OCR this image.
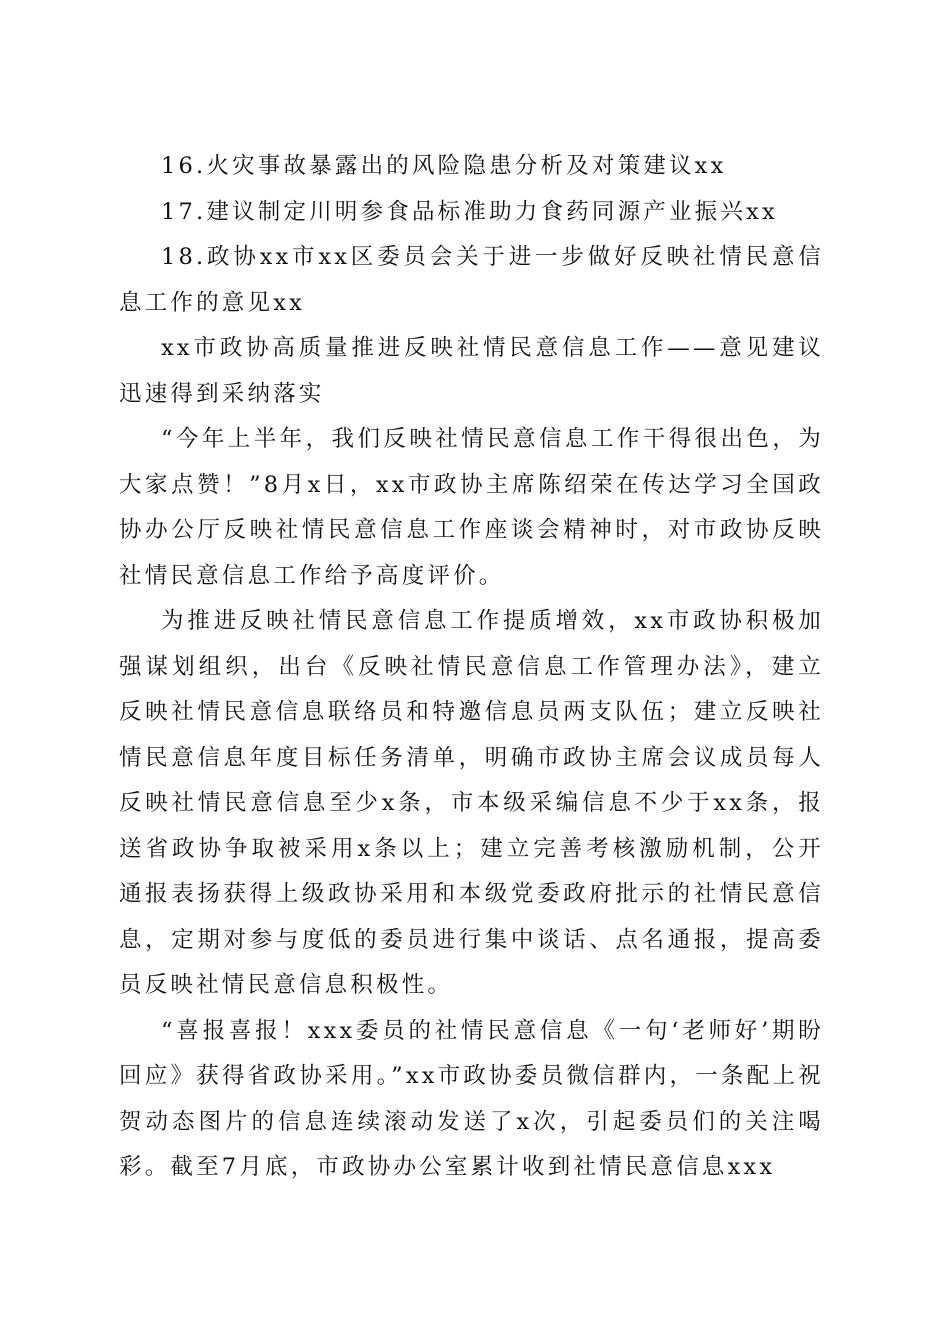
16.火灾事故暴露出的风险隐患分析及对策建议xx

17.建议制定川明参食品标准助力食药同源产业振兴xx

18.政协xx市xx区委员会关于进一步做好反映社情民意信息工作的意见xx

xx市政协高质量推进反映社情民意信息工作——意见建议迅速得到采纳落实

“今年上半年，我们反映社情民意信息工作干得很出色，为大家点赞！”8月x日，xx市政协主席陈绍荣在传达学习全国政协办公厅反映社情民意信息工作座谈会精神时，对市政协反映社情民意信息工作给予高度评价。

为推进反映社情民意信息工作提质增效，xx市政协积极加强谋划组织，出台《反映社情民意信息工作管理办法》，建立反映社情民意信息联络员和特邀信息员两支队伍；建立反映社情民意信息年度目标任务清单，明确市政协主席会议成员每人反映社情民意信息至少x条，市本级采编信息不少于xx条，报送省政协争取被采用x条以上；建立完善考核激励机制，公开通报表扬获得上级政协采用和本级党委政府批示的社情民意信息，定期对参与度低的委员进行集中谈话、点名通报，提高委员反映社情民意信息积极性。

“喜报喜报！xxx委员的社情民意信息《一句‘老师好’期盼回应》获得省政协采用。”xx市政协委员微信群内，一条配上祝贺动态图片的信息连续滚动发送了x次，引起委员们的关注喝彩。截至7月底，市政协办公室累计收到社情民意信息xxx
